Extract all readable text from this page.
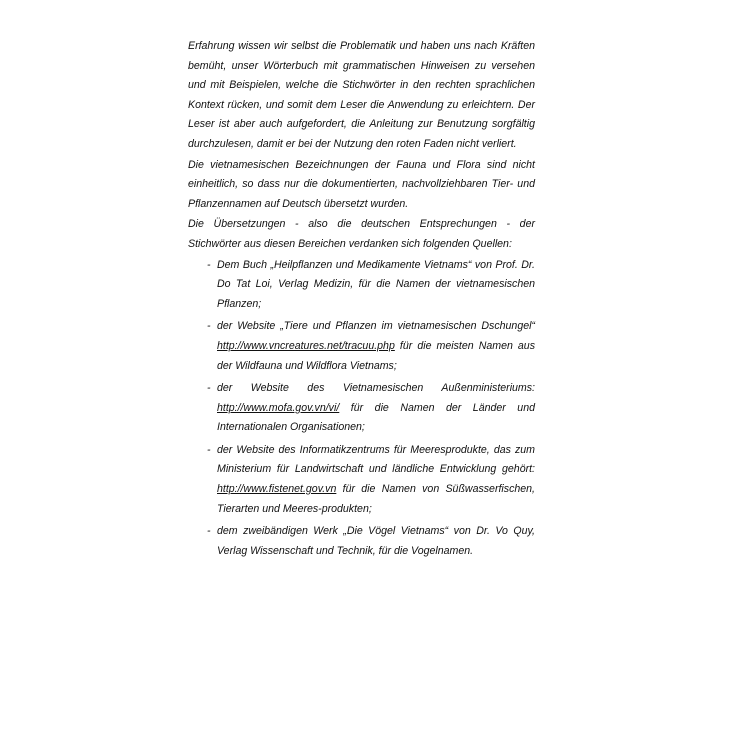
Erfahrung wissen wir selbst die Problematik und haben uns nach Kräften bemüht, unser Wörterbuch mit grammatischen Hinweisen zu versehen und mit Beispielen, welche die Stichwörter in den rechten sprachlichen Kontext rücken, und somit dem Leser die Anwendung zu erleichtern. Der Leser ist aber auch aufgefordert, die Anleitung zur Benutzung sorgfältig durchzulesen, damit er bei der Nutzung den roten Faden nicht verliert.

Die vietnamesischen Bezeichnungen der Fauna und Flora sind nicht einheitlich, so dass nur die dokumentierten, nachvollziehbaren Tier- und Pflanzennamen auf Deutsch übersetzt wurden.

Die Übersetzungen - also die deutschen Entsprechungen - der Stichwörter aus diesen Bereichen verdanken sich folgenden Quellen:

- Dem Buch „Heilpflanzen und Medikamente Vietnams“ von Prof. Dr. Do Tat Loi, Verlag Medizin, für die Namen der vietnamesischen Pflanzen;
- der Website „Tiere und Pflanzen im vietnamesischen Dschungel“ http://www.vncreatures.net/tracuu.php für die meisten Namen aus der Wildfauna und Wildflora Vietnams;
- der Website des Vietnamesischen Außenministeriums: http://www.mofa.gov.vn/vi/ für die Namen der Länder und Internationalen Organisationen;
- der Website des Informatikzentrums für Meeresprodukte, das zum Ministerium für Landwirtschaft und ländliche Entwicklung gehört: http://www.fistenet.gov.vn für die Namen von Süßwasserfischen, Tierarten und Meeres-produkten;
- dem zweibändigen Werk „Die Vögel Vietnams“ von Dr. Vo Quy, Verlag Wissenschaft und Technik, für die Vogelnamen.
